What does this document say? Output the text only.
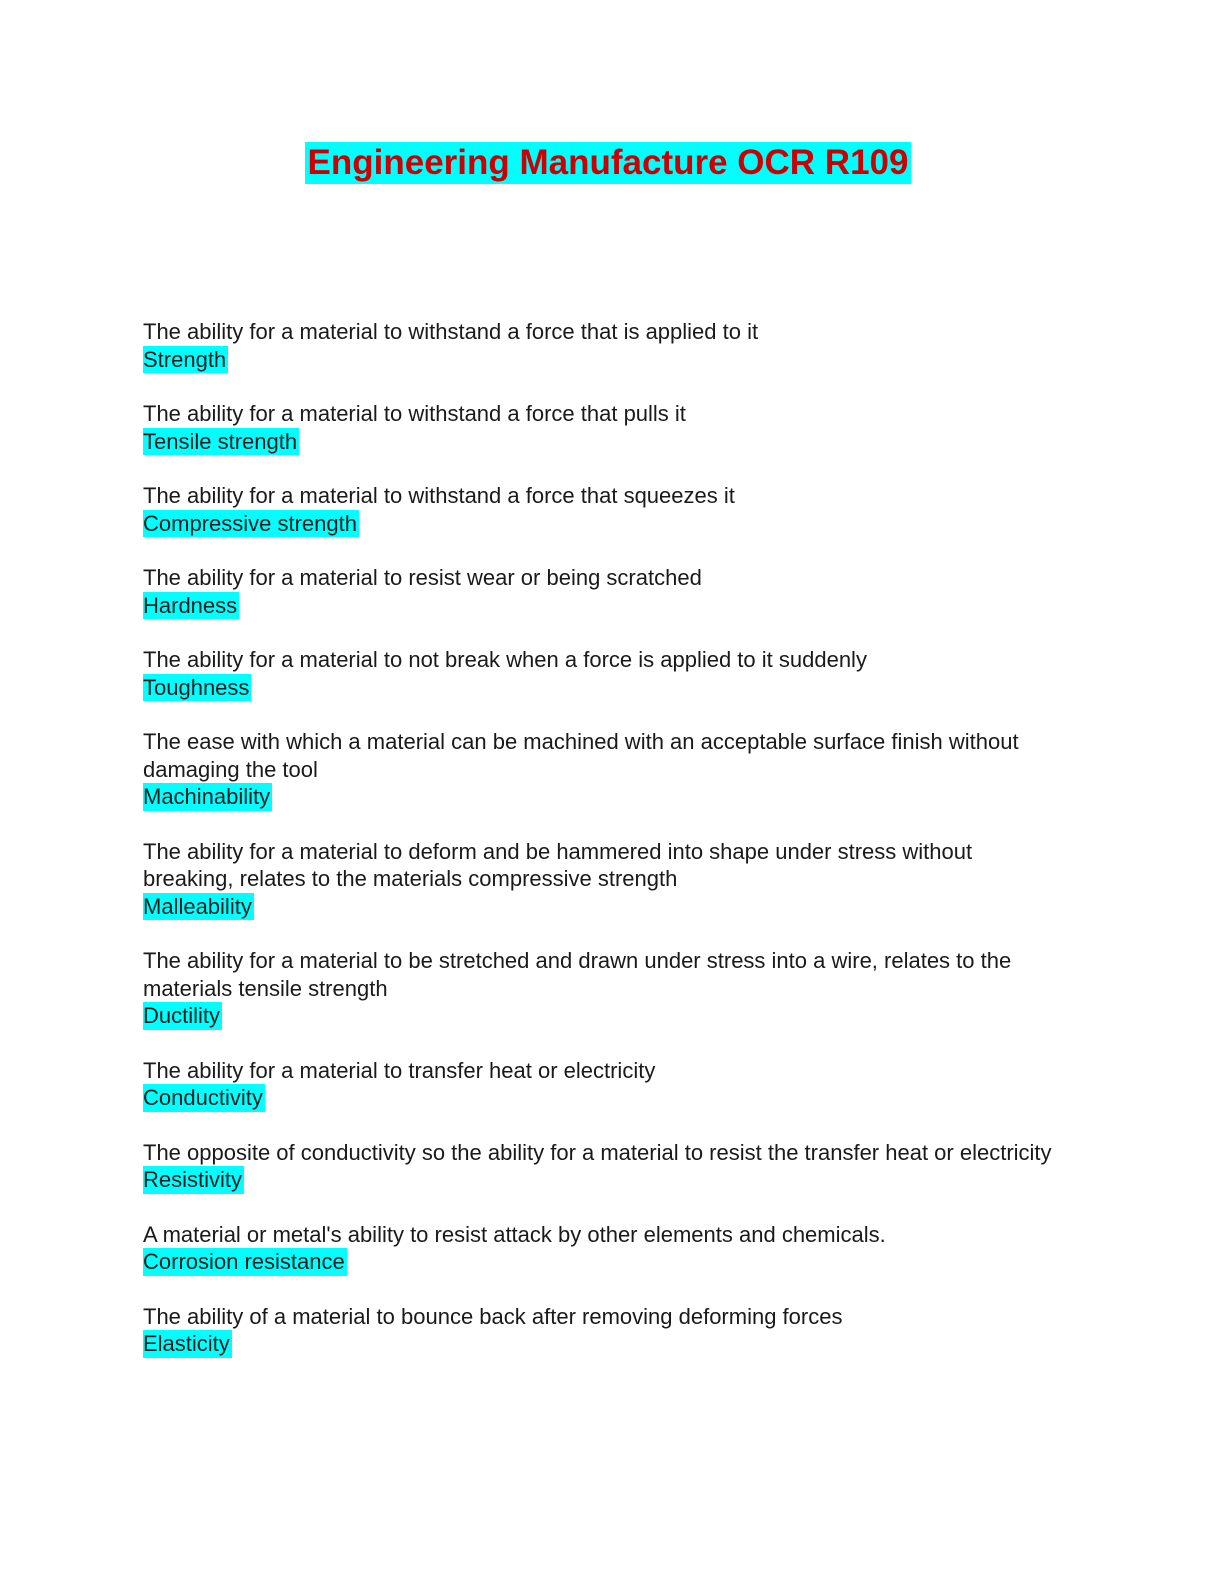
Engineering Manufacture OCR R109
The ability for a material to withstand a force that is applied to it
Strength
The ability for a material to withstand a force that pulls it
Tensile strength
The ability for a material to withstand a force that squeezes it
Compressive strength
The ability for a material to resist wear or being scratched
Hardness
The ability for a material to not break when a force is applied to it suddenly
Toughness
The ease with which a material can be machined with an acceptable surface finish without damaging the tool
Machinability
The ability for a material to deform and be hammered into shape under stress without breaking, relates to the materials compressive strength
Malleability
The ability for a material to be stretched and drawn under stress into a wire, relates to the materials tensile strength
Ductility
The ability for a material to transfer heat or electricity
Conductivity
The opposite of conductivity so the ability for a material to resist the transfer heat or electricity
Resistivity
A material or metal's ability to resist attack by other elements and chemicals.
Corrosion resistance
The ability of a material to bounce back after removing deforming forces
Elasticity
